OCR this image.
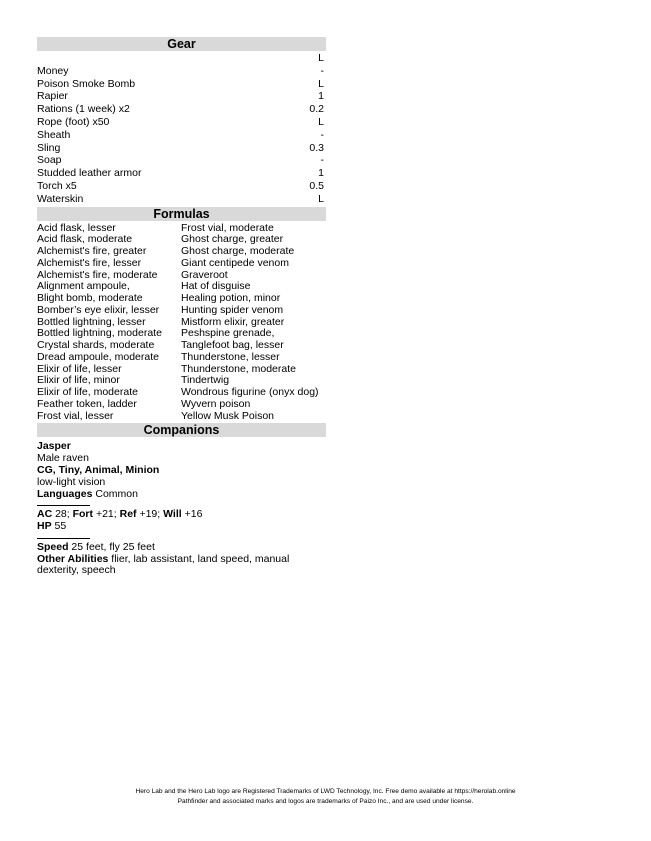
Gear
L
Money	-
Poison Smoke Bomb	L
Rapier	1
Rations (1 week) x2	0.2
Rope (foot) x50	L
Sheath	-
Sling	0.3
Soap	-
Studded leather armor	1
Torch x5	0.5
Waterskin	L
Formulas
Acid flask, lesser
Acid flask, moderate
Alchemist's fire, greater
Alchemist's fire, lesser
Alchemist's fire, moderate
Alignment ampoule,
Blight bomb, moderate
Bomber’s eye elixir, lesser
Bottled lightning, lesser
Bottled lightning, moderate
Crystal shards, moderate
Dread ampoule, moderate
Elixir of life, lesser
Elixir of life, minor
Elixir of life, moderate
Feather token, ladder
Frost vial, lesser
Frost vial, moderate
Ghost charge, greater
Ghost charge, moderate
Giant centipede venom
Graveroot
Hat of disguise
Healing potion, minor
Hunting spider venom
Mistform elixir, greater
Peshspine grenade,
Tanglefoot bag, lesser
Thunderstone, lesser
Thunderstone, moderate
Tindertwig
Wondrous figurine (onyx dog)
Wyvern poison
Yellow Musk Poison
Companions
Jasper
Male raven
CG, Tiny, Animal, Minion
low-light vision
Languages Common
AC 28; Fort +21; Ref +19; Will +16
HP 55
Speed 25 feet, fly 25 feet
Other Abilities flier, lab assistant, land speed, manual dexterity, speech
Hero Lab and the Hero Lab logo are Registered Trademarks of LWD Technology, Inc. Free demo available at https://herolab.online
Pathfinder and associated marks and logos are trademarks of Paizo Inc., and are used under license.
